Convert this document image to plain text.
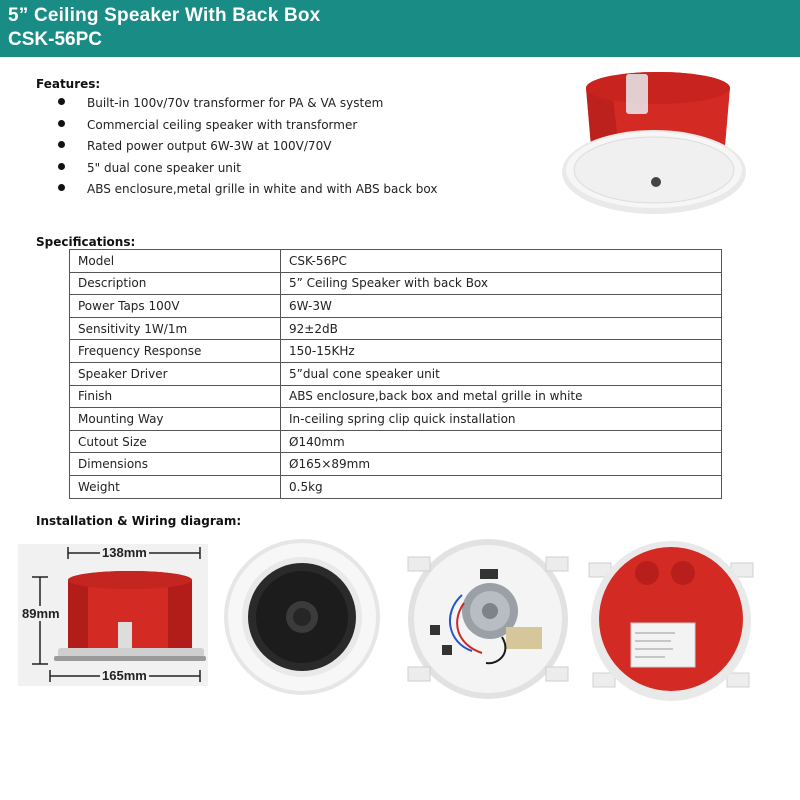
5” Ceiling Speaker With Back Box
CSK-56PC
Features:
Built-in 100v/70v transformer for PA & VA system
Commercial ceiling speaker with transformer
Rated power output 6W-3W at 100V/70V
5" dual cone speaker unit
ABS enclosure,metal grille in white and with ABS back box
Specifications:
Model	CSK-56PC
Description	5” Ceiling Speaker with back Box
Power Taps 100V	6W-3W
Sensitivity 1W/1m	92±2dB
Frequency Response	150-15KHz
Speaker Driver	5”dual cone speaker unit
Finish	ABS enclosure,back box and metal grille in white
Mounting Way	In-ceiling spring clip quick installation
Cutout Size	Ø140mm
Dimensions	Ø165×89mm
Weight	0.5kg
Installation & Wiring diagram:
138mm
89mm
165mm
